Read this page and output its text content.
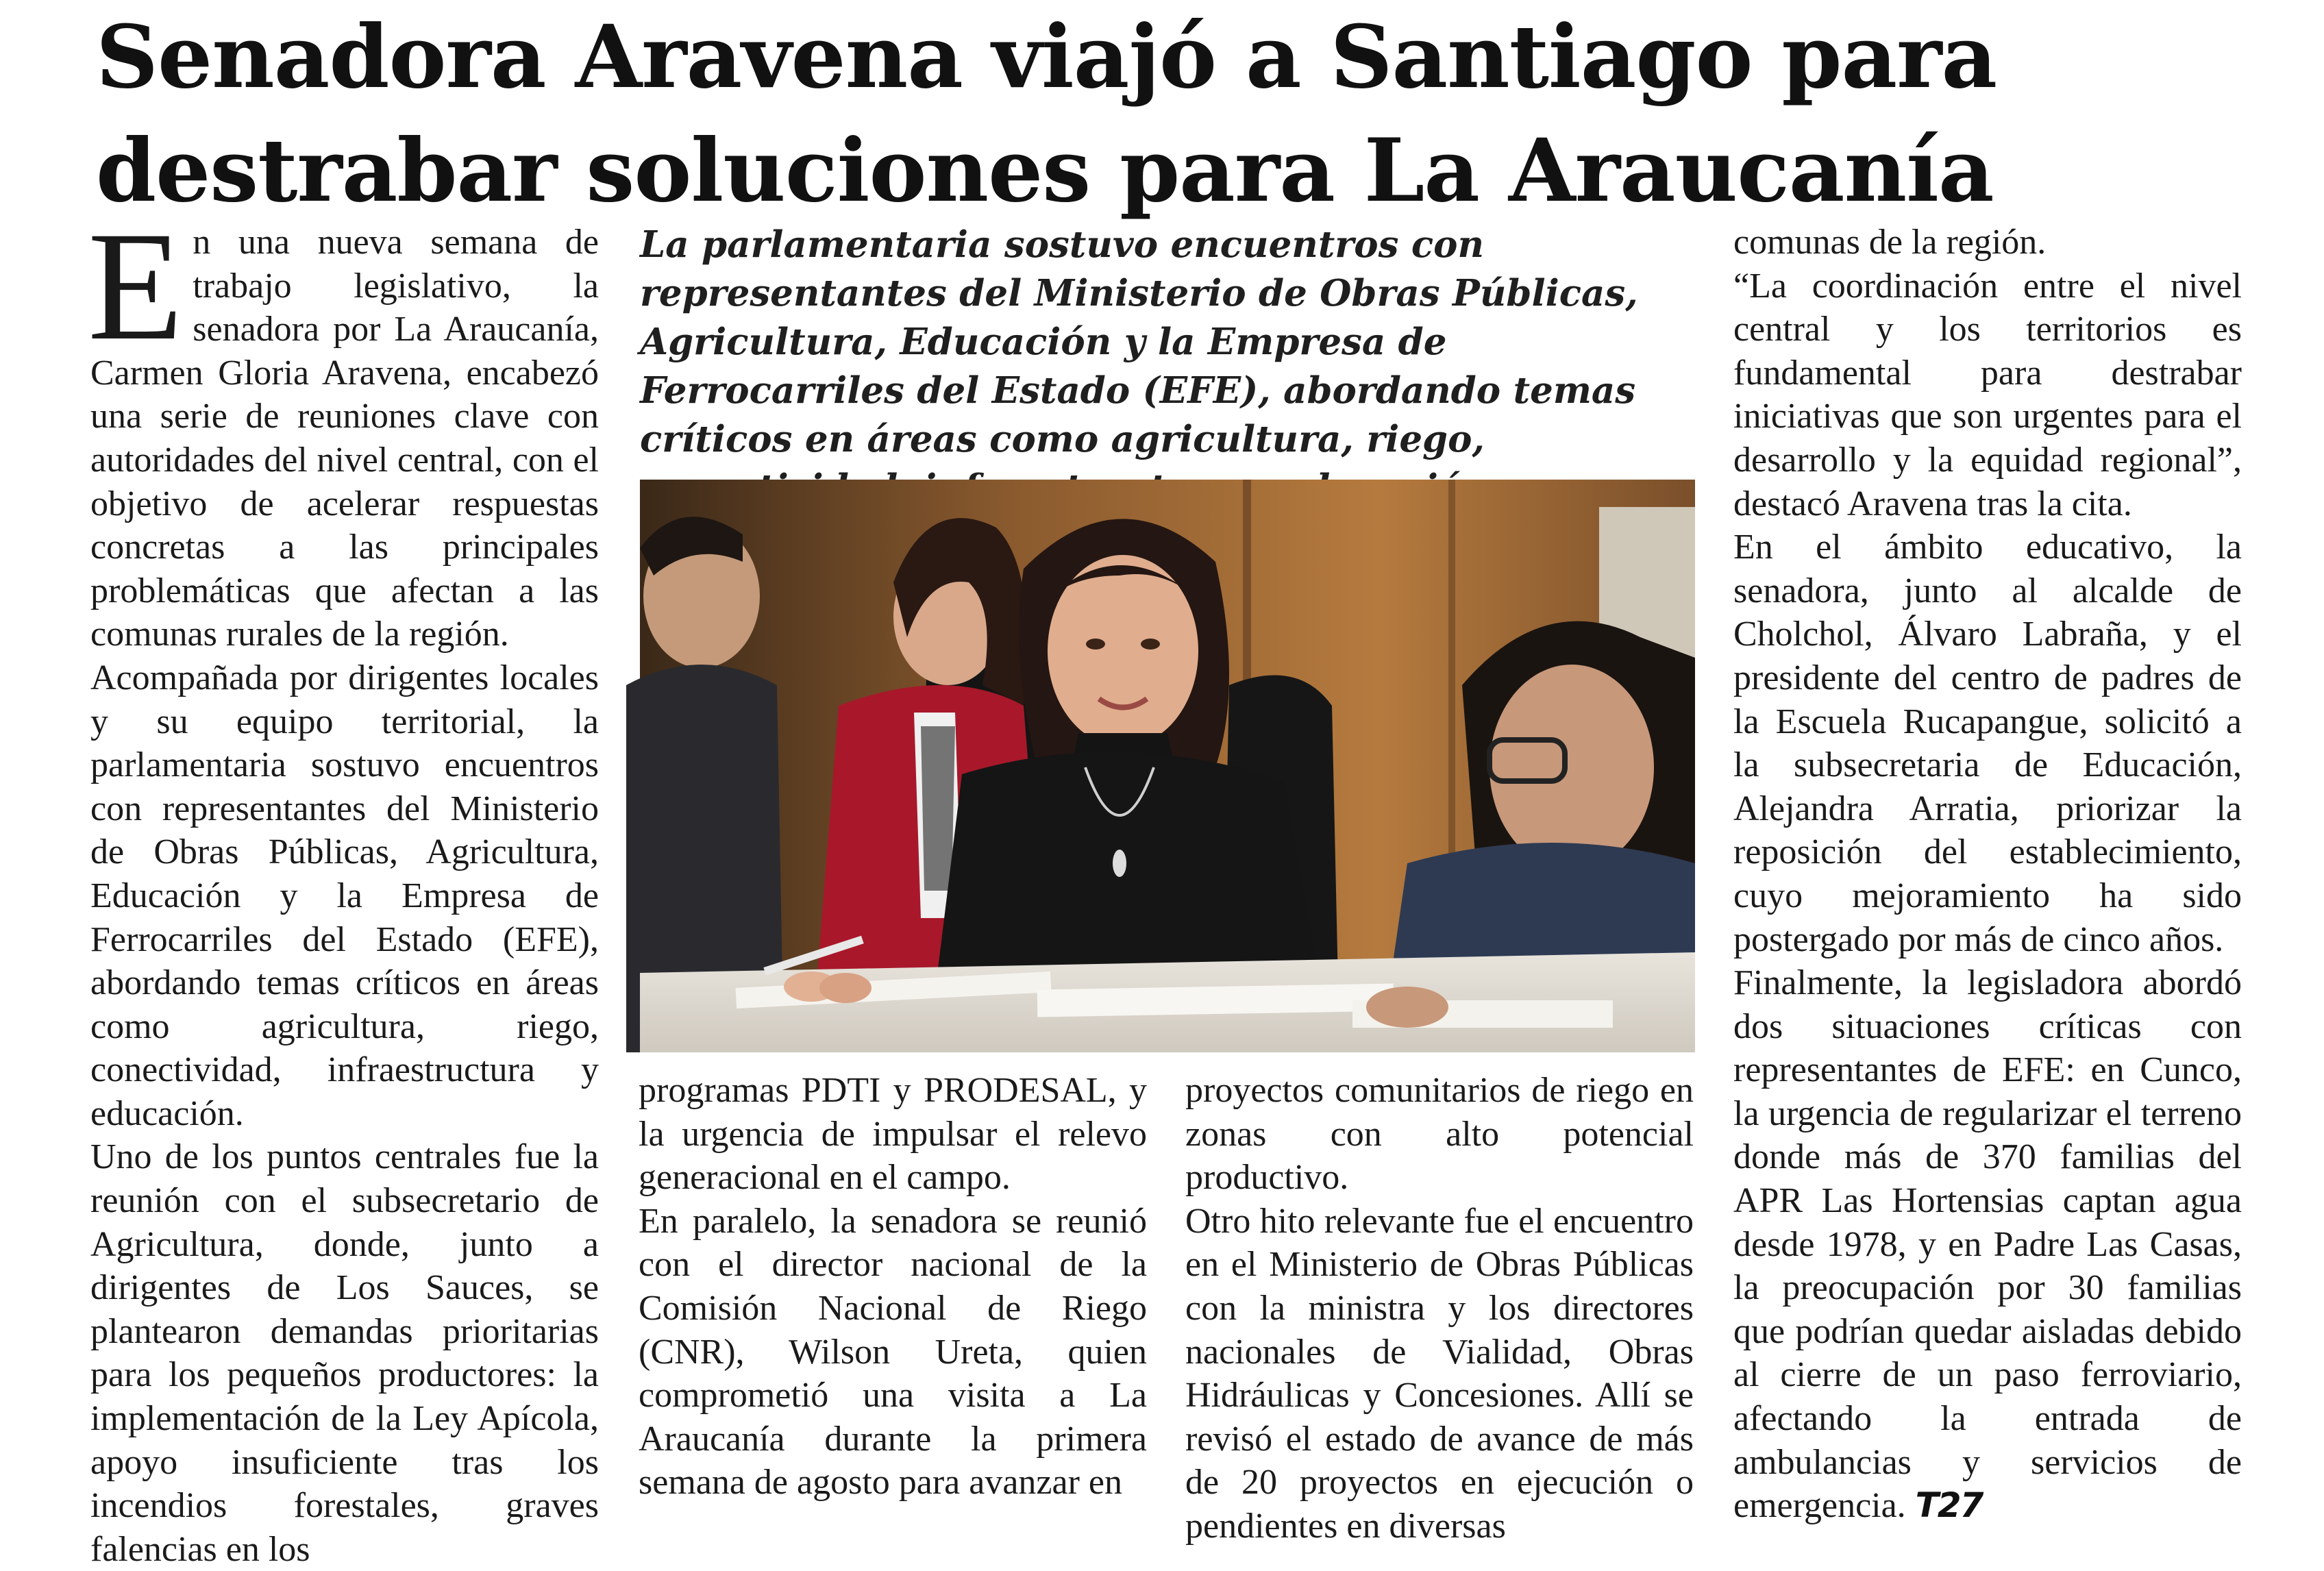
Senadora Aravena viajó a Santiago para destrabar soluciones para La Araucanía

En una nueva semana de trabajo legislativo, la senadora por La Araucanía, Carmen Gloria Aravena, encabezó una serie de reuniones clave con autoridades del nivel central, con el objetivo de acelerar respuestas concretas a las principales problemáticas que afectan a las comunas rurales de la región.

Acompañada por dirigentes locales y su equipo territorial, la parlamentaria sostuvo encuentros con representantes del Ministerio de Obras Públicas, Agricultura, Educación y la Empresa de Ferrocarriles del Estado (EFE), abordando temas críticos en áreas como agricultura, riego, conectividad, infraestructura y educación.

Uno de los puntos centrales fue la reunión con el subsecretario de Agricultura, donde, junto a dirigentes de Los Sauces, se plantearon demandas prioritarias para los pequeños productores: la implementación de la Ley Apícola, apoyo insuficiente tras los incendios forestales, graves falencias en los

La parlamentaria sostuvo encuentros con representantes del Ministerio de Obras Públicas, Agricultura, Educación y la Empresa de Ferrocarriles del Estado (EFE), abordando temas críticos en áreas como agricultura, riego,

programas PDTI y PRODESAL, y la urgencia de impulsar el relevo generacional en el campo.

En paralelo, la senadora se reunió con el director nacional de la Comisión Nacional de Riego (CNR), Wilson Ureta, quien comprometió una visita a La Araucanía durante la primera semana de agosto para avanzar en

proyectos comunitarios de riego en zonas con alto potencial productivo.

Otro hito relevante fue el encuentro en el Ministerio de Obras Públicas con la ministra y los directores nacionales de Vialidad, Obras Hidráulicas y Concesiones. Allí se revisó el estado de avance de más de 20 proyectos en ejecución o pendientes en diversas

comunas de la región.

“La coordinación entre el nivel central y los territorios es fundamental para destrabar iniciativas que son urgentes para el desarrollo y la equidad regional”, destacó Aravena tras la cita.

En el ámbito educativo, la senadora, junto al alcalde de Cholchol, Álvaro Labraña, y el presidente del centro de padres de la Escuela Rucapangue, solicitó a la subsecretaria de Educación, Alejandra Arratia, priorizar la reposición del establecimiento, cuyo mejoramiento ha sido postergado por más de cinco años.

Finalmente, la legisladora abordó dos situaciones críticas con representantes de EFE: en Cunco, la urgencia de regularizar el terreno donde más de 370 familias del APR Las Hortensias captan agua desde 1978, y en Padre Las Casas, la preocupación por 30 familias que podrían quedar aisladas debido al cierre de un paso ferroviario, afectando la entrada de ambulancias y servicios de emergencia. T27
